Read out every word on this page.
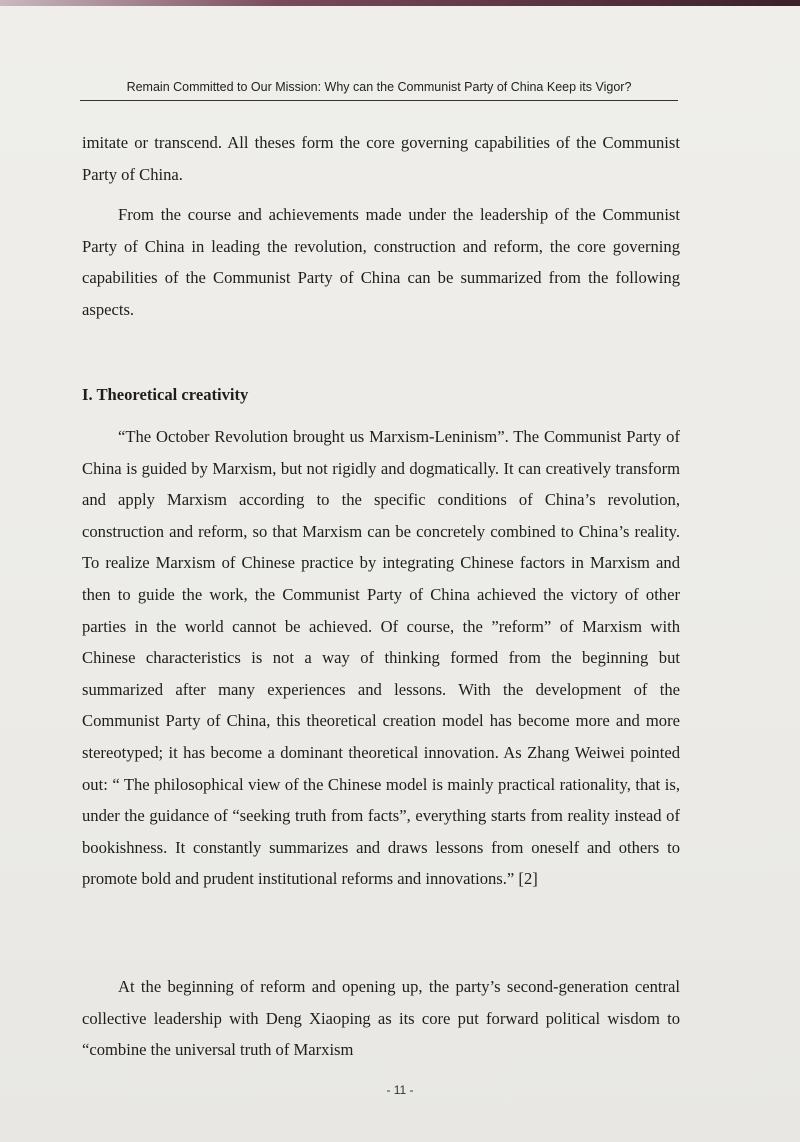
Remain Committed to Our Mission: Why can the Communist Party of China Keep its Vigor?
imitate or transcend. All theses form the core governing capabilities of the Communist Party of China.
From the course and achievements made under the leadership of the Communist Party of China in leading the revolution, construction and reform, the core governing capabilities of the Communist Party of China can be summarized from the following aspects.
I. Theoretical creativity
“The October Revolution brought us Marxism-Leninism”. The Communist Party of China is guided by Marxism, but not rigidly and dogmatically. It can creatively transform and apply Marxism according to the specific conditions of China’s revolution, construction and reform, so that Marxism can be concretely combined to China’s reality. To realize Marxism of Chinese practice by integrating Chinese factors in Marxism and then to guide the work, the Communist Party of China achieved the victory of other parties in the world cannot be achieved. Of course, the ”reform” of Marxism with Chinese characteristics is not a way of thinking formed from the beginning but summarized after many experiences and lessons. With the development of the Communist Party of China, this theoretical creation model has become more and more stereotyped; it has become a dominant theoretical innovation. As Zhang Weiwei pointed out: “ The philosophical view of the Chinese model is mainly practical rationality, that is, under the guidance of “seeking truth from facts”, everything starts from reality instead of bookishness. It constantly summarizes and draws lessons from oneself and others to promote bold and prudent institutional reforms and innovations.” [2]
At the beginning of reform and opening up, the party’s second-generation central collective leadership with Deng Xiaoping as its core put forward political wisdom to “combine the universal truth of Marxism
- 11 -
